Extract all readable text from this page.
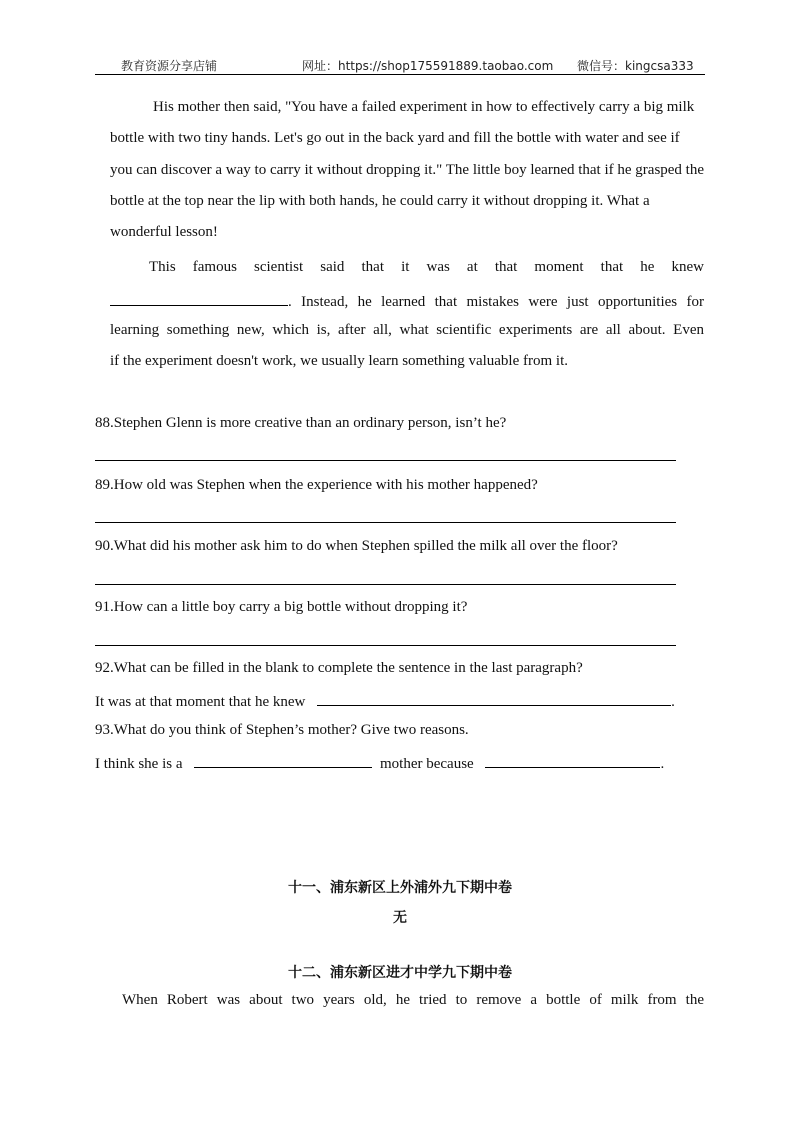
教育资源分享店铺	网址：https://shop175591889.taobao.com 微信号：kingcsa333
His mother then said, "You have a failed experiment in how to effectively carry a big milk bottle with two tiny hands. Let's go out in the back yard and fill the bottle with water and see if you can discover a way to carry it without dropping it." The little boy learned that if he grasped the bottle at the top near the lip with both hands, he could carry it without dropping it. What a wonderful lesson!
This famous scientist said that it was at that moment that he knew
. Instead, he learned that mistakes were just opportunities for
learning something new, which is, after all, what scientific experiments are all about. Even
if the experiment doesn't work, we usually learn something valuable from it.
88.Stephen Glenn is more creative than an ordinary person, isn’t he?
89.How old was Stephen when the experience with his mother happened?
90.What did his mother ask him to do when Stephen spilled the milk all over the floor?
91.How can a little boy carry a big bottle without dropping it?
92.What can be filled in the blank to complete the sentence in the last paragraph?
It was at that moment that he knew	.
93.What do you think of Stephen’s mother? Give two reasons.
I think she is a	mother because	.
十一、浦东新区上外浦外九下期中卷
无
十二、浦东新区进才中学九下期中卷
When Robert was about two years old, he tried to remove a bottle of milk from the
